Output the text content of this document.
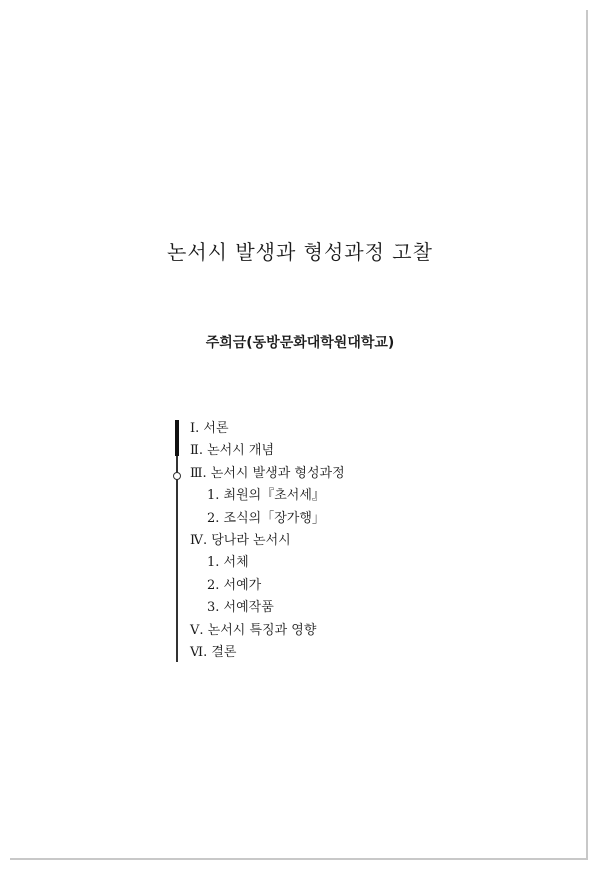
논서시 발생과 형성과정 고찰
주희금(동방문화대학원대학교)
Ⅰ. 서론
Ⅱ. 논서시 개념
Ⅲ. 논서시 발생과 형성과정
1. 최원의『초서세』
2. 조식의「장가행」
Ⅳ. 당나라 논서시
1. 서체
2. 서예가
3. 서예작품
Ⅴ. 논서시 특징과 영향
Ⅵ. 결론
